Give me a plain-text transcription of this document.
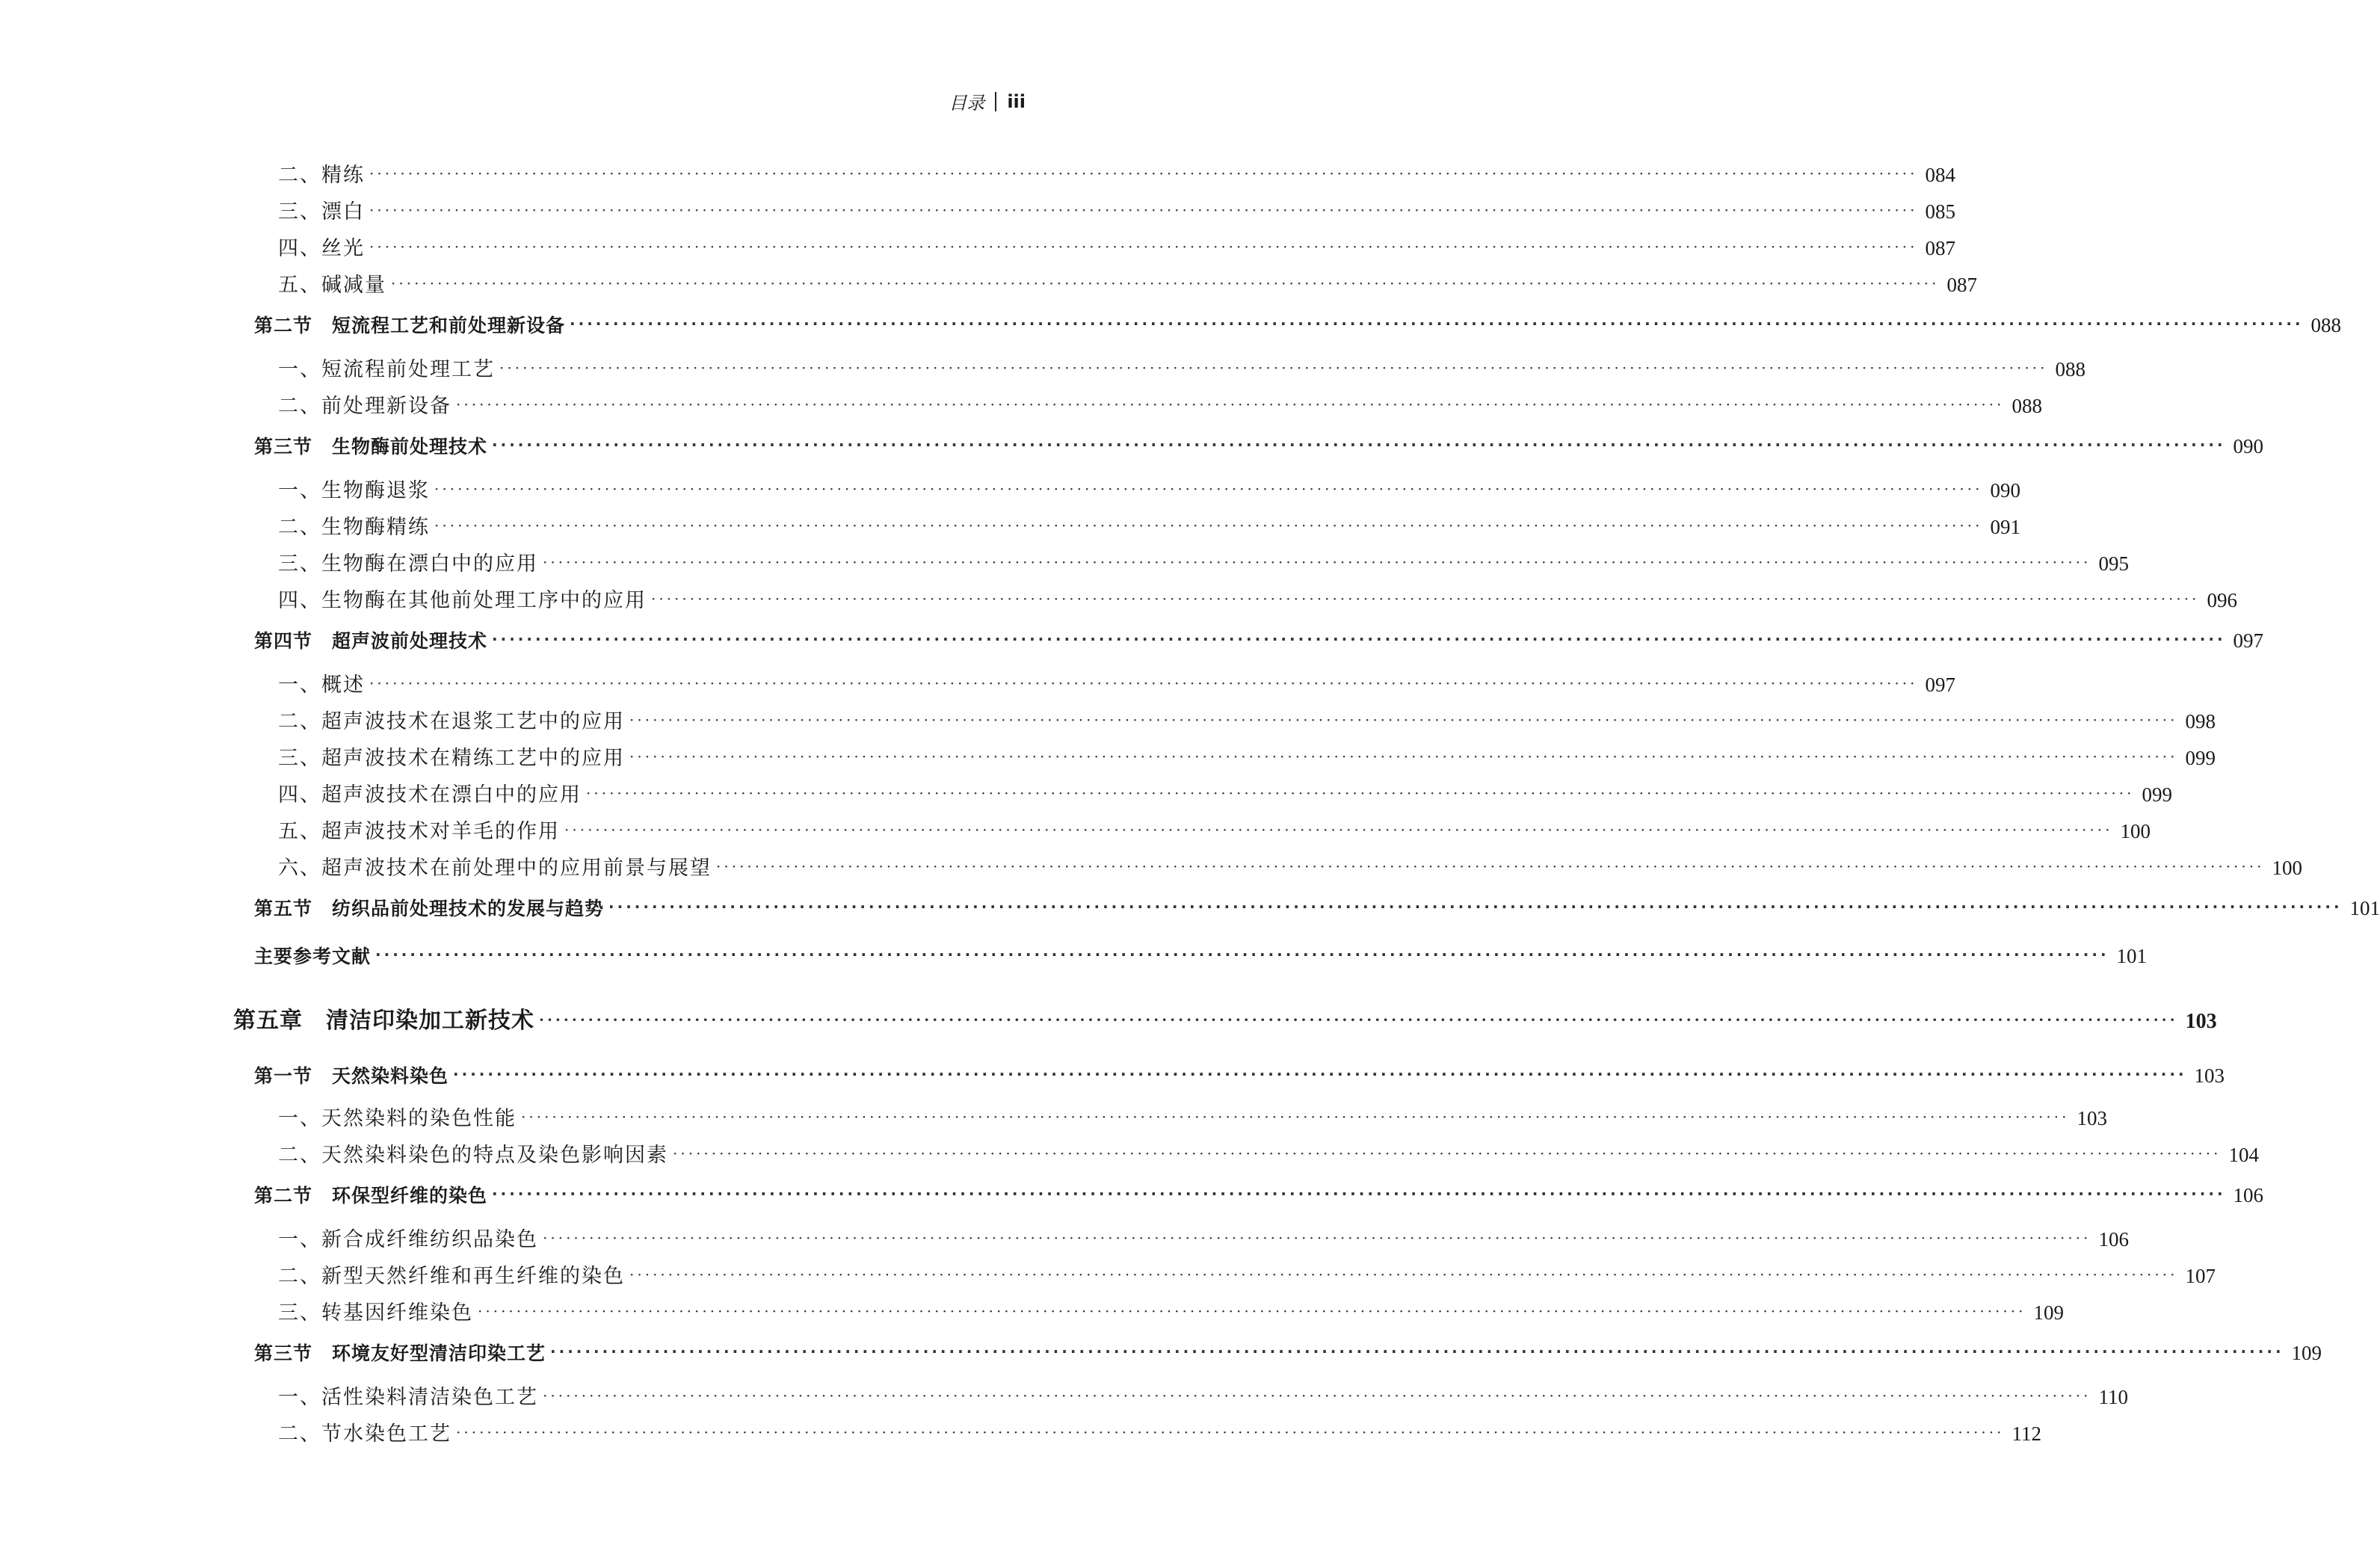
目录 iii
二、精练 ········································································································································································································ 084
三、漂白 ········································································································································································································ 085
四、丝光 ········································································································································································································ 087
五、碱减量 ········································································································································································································ 087
第二节　短流程工艺和前处理新设备 ········································································································································································································ 088
一、短流程前处理工艺 ········································································································································································································ 088
二、前处理新设备 ········································································································································································································ 088
第三节　生物酶前处理技术 ········································································································································································································ 090
一、生物酶退浆 ········································································································································································································ 090
二、生物酶精练 ········································································································································································································ 091
三、生物酶在漂白中的应用 ········································································································································································································ 095
四、生物酶在其他前处理工序中的应用 ········································································································································································································ 096
第四节　超声波前处理技术 ········································································································································································································ 097
一、概述 ········································································································································································································ 097
二、超声波技术在退浆工艺中的应用 ········································································································································································································ 098
三、超声波技术在精练工艺中的应用 ········································································································································································································ 099
四、超声波技术在漂白中的应用 ········································································································································································································ 099
五、超声波技术对羊毛的作用 ········································································································································································································ 100
六、超声波技术在前处理中的应用前景与展望 ········································································································································································································ 100
第五节　纺织品前处理技术的发展与趋势 ········································································································································································································ 101
主要参考文献 ········································································································································································································ 101
第五章　清洁印染加工新技术 ········································································································································································································ 103
第一节　天然染料染色 ········································································································································································································ 103
一、天然染料的染色性能 ········································································································································································································ 103
二、天然染料染色的特点及染色影响因素 ········································································································································································································ 104
第二节　环保型纤维的染色 ········································································································································································································ 106
一、新合成纤维纺织品染色 ········································································································································································································ 106
二、新型天然纤维和再生纤维的染色 ········································································································································································································ 107
三、转基因纤维染色 ········································································································································································································ 109
第三节　环境友好型清洁印染工艺 ········································································································································································································ 109
一、活性染料清洁染色工艺 ········································································································································································································ 110
二、节水染色工艺 ········································································································································································································ 112
